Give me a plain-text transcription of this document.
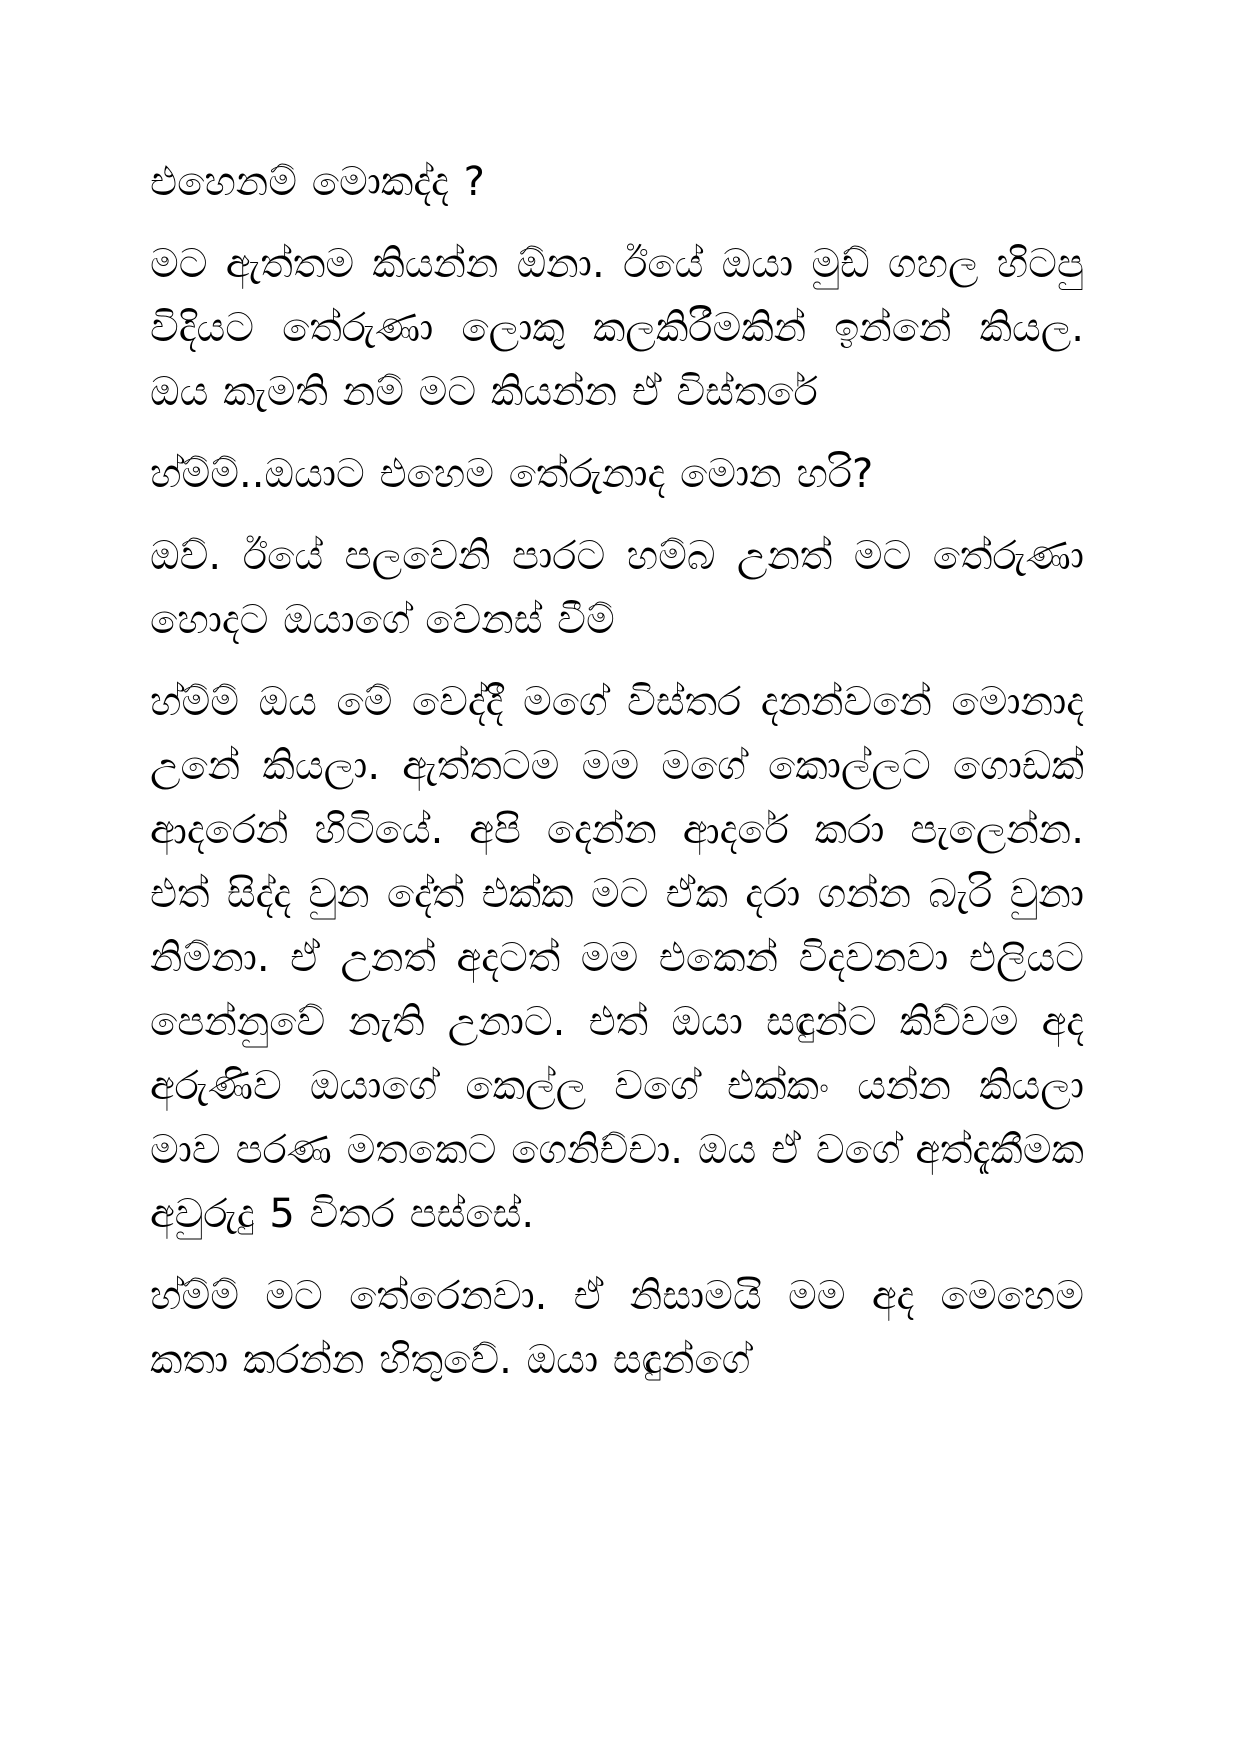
එහෙනම් මොකද්ද ?

මට ඇත්තම කියන්න ඕනා. ඊයේ ඔයා මුඩ් ගහල හිටපු විදියට තේරුණා ලොකු කලකිරීමකින් ඉන්නේ කියල. ඔය කැමති නම් මට කියන්න ඒ විස්තරේ

හ්ම්ම්..ඔයාට එහෙම තේරුනාද මොන හරි?

ඔව්. ඊයේ පලවෙනි පාරට හම්බ උනත් මට තේරුණා හොදට ඔයාගේ වෙනස් වීම්

හ්ම්ම් ඔය මේ වෙද්දී මගේ විස්තර දනන්වනේ මොනාද උනේ කියලා. ඇත්තටම මම මගේ කොල්ලට ගොඩක් ආදරෙන් හිටියේ. අපි දෙන්න ආදරේ කරා පැලෙන්න. එත් සිද්ද වුන දේත් එක්ක මට ඒක දරා ගන්න බැරි වුනා නිම්නා. ඒ උනත් අදටත් මම එකෙන් විදවනවා එලියට පෙන්නුවේ නැති උනාට. එත් ඔයා සඳුන්ට කිව්වම අද අරුණිව ඔයාගේ කෙල්ල වගේ එක්කං යන්න කියලා මාව පරණ මතකෙට ගෙනිච්චා. ඔය ඒ වගේ අත්දැකීමක අවුරුදු 5 විතර පස්සේ.

හ්ම්ම් මට තේරෙනවා. ඒ නිසාමයි මම අද මෙහෙම කතා කරන්න හිතුවේ. ඔයා සඳුන්ගේ
